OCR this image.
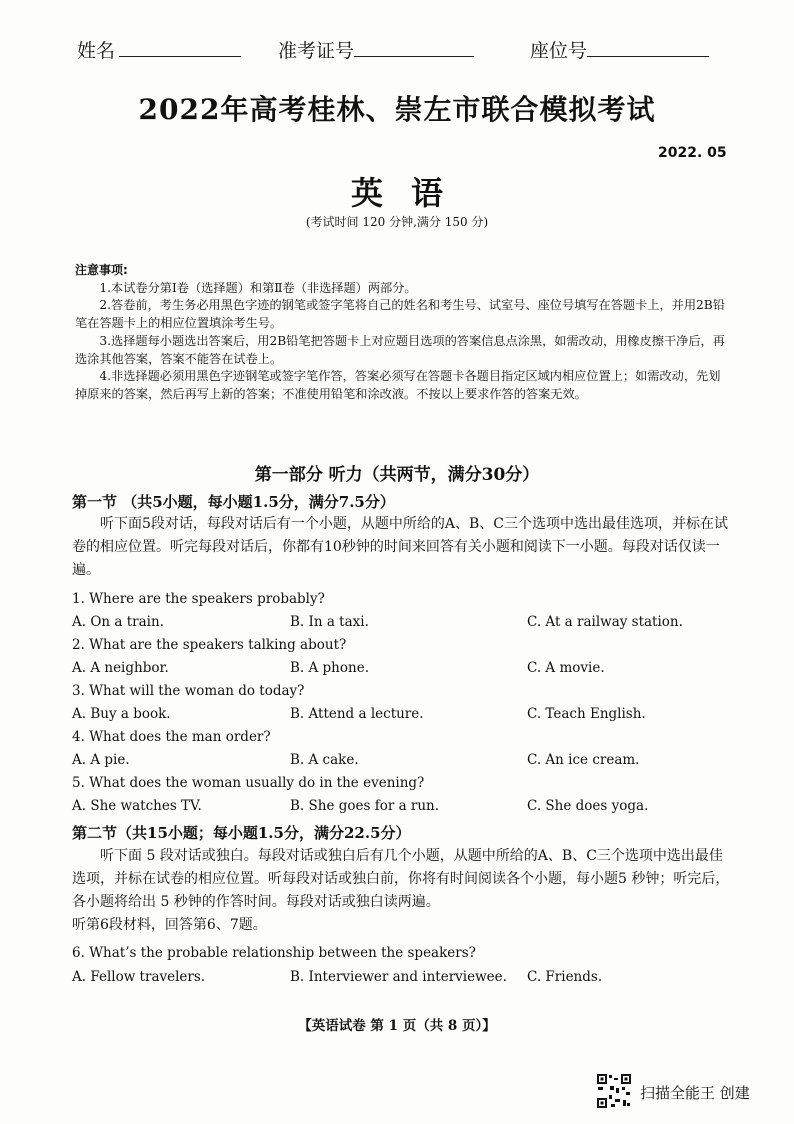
姓名	准考证号	座位号
2022年高考桂林、崇左市联合模拟考试
2022. 05
英语
(考试时间 120 分钟,满分 150 分)

注意事项:

1.本试卷分第Ⅰ卷（选择题）和第Ⅱ卷（非选择题）两部分。

2.答卷前，考生务必用黑色字迹的钢笔或签字笔将自己的姓名和考生号、试室号、座位号填写在答题卡上，并用2B铅笔在答题卡上的相应位置填涂考生号。

3.选择题每小题选出答案后，用2B铅笔把答题卡上对应题目选项的答案信息点涂黑，如需改动，用橡皮擦干净后，再选涂其他答案，答案不能答在试卷上。

4.非选择题必须用黑色字迹钢笔或签字笔作答，答案必须写在答题卡各题目指定区域内相应位置上；如需改动，先划掉原来的答案，然后再写上新的答案；不准使用铅笔和涂改液。不按以上要求作答的答案无效。

第一部分 听力（共两节，满分30分）
第一节 （共5小题，每小题1.5分，满分7.5分）

听下面5段对话，每段对话后有一个小题，从题中所给的A、B、C三个选项中选出最佳选项，并标在试卷的相应位置。听完每段对话后，你都有10秒钟的时间来回答有关小题和阅读下一小题。每段对话仅读一遍。

1. Where are the speakers probably?
A. On a train.	B. In a taxi.	C. At a railway station.
2. What are the speakers talking about?
A. A neighbor.	B. A phone.	C. A movie.
3. What will the woman do today?
A. Buy a book.	B. Attend a lecture.	C. Teach English.
4. What does the man order?
A. A pie.	B. A cake.	C. An ice cream.
5. What does the woman usually do in the evening?
A. She watches TV.	B. She goes for a run.	C. She does yoga.
第二节（共15小题；每小题1.5分，满分22.5分）

听下面 5 段对话或独白。每段对话或独白后有几个小题，从题中所给的A、B、C三个选项中选出最佳选项，并标在试卷的相应位置。听每段对话或独白前，你将有时间阅读各个小题，每小题5 秒钟；听完后，各小题将给出 5 秒钟的作答时间。每段对话或独白读两遍。

听第6段材料，回答第6、7题。

6. What’s the probable relationship between the speakers?
A. Fellow travelers.	B. Interviewer and interviewee. C. Friends.
【英语试卷 第 1 页（共 8 页）】
扫描全能王 创建
